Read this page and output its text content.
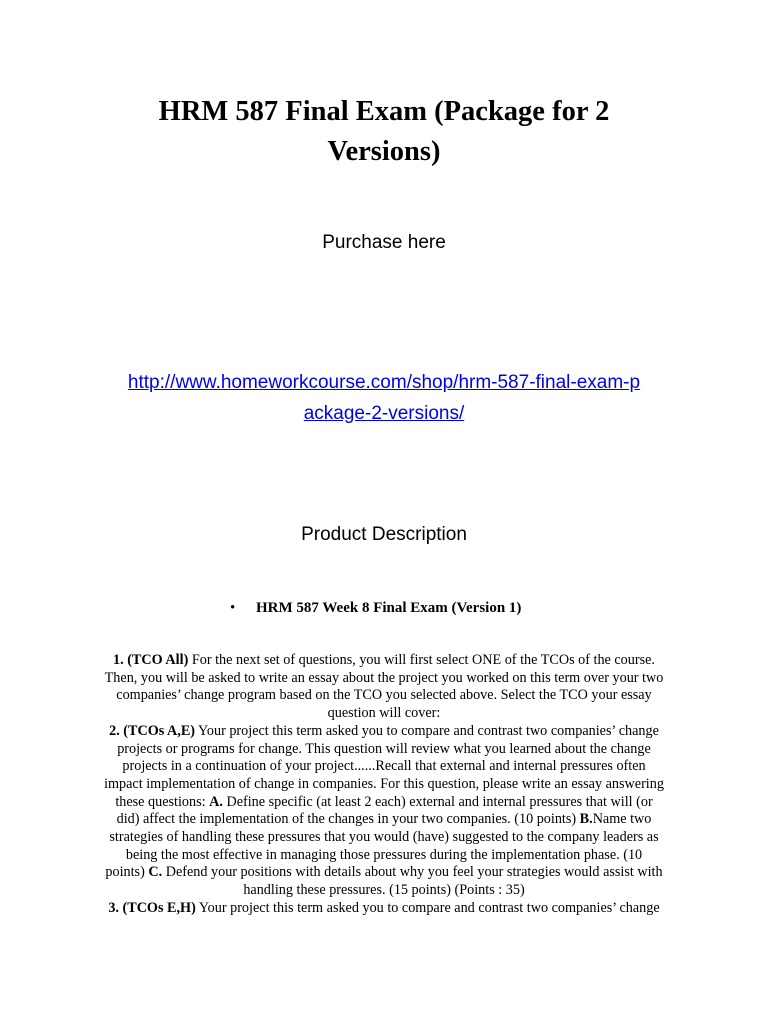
HRM 587 Final Exam (Package for 2
Versions)
Purchase here
http://www.homeworkcourse.com/shop/hrm-587-final-exam-p
ackage-2-versions/
Product Description
• HRM 587 Week 8 Final Exam (Version 1)
1. (TCO All) For the next set of questions, you will first select ONE of the TCOs of the course.
Then, you will be asked to write an essay about the project you worked on this term over your two
companies’ change program based on the TCO you selected above. Select the TCO your essay
question will cover:
2. (TCOs A,E) Your project this term asked you to compare and contrast two companies’ change
projects or programs for change. This question will review what you learned about the change
projects in a continuation of your project......Recall that external and internal pressures often
impact implementation of change in companies. For this question, please write an essay answering
these questions: A. Define specific (at least 2 each) external and internal pressures that will (or
did) affect the implementation of the changes in your two companies. (10 points) B.Name two
strategies of handling these pressures that you would (have) suggested to the company leaders as
being the most effective in managing those pressures during the implementation phase. (10
points) C. Defend your positions with details about why you feel your strategies would assist with
handling these pressures. (15 points) (Points : 35)
3. (TCOs E,H) Your project this term asked you to compare and contrast two companies’ change
